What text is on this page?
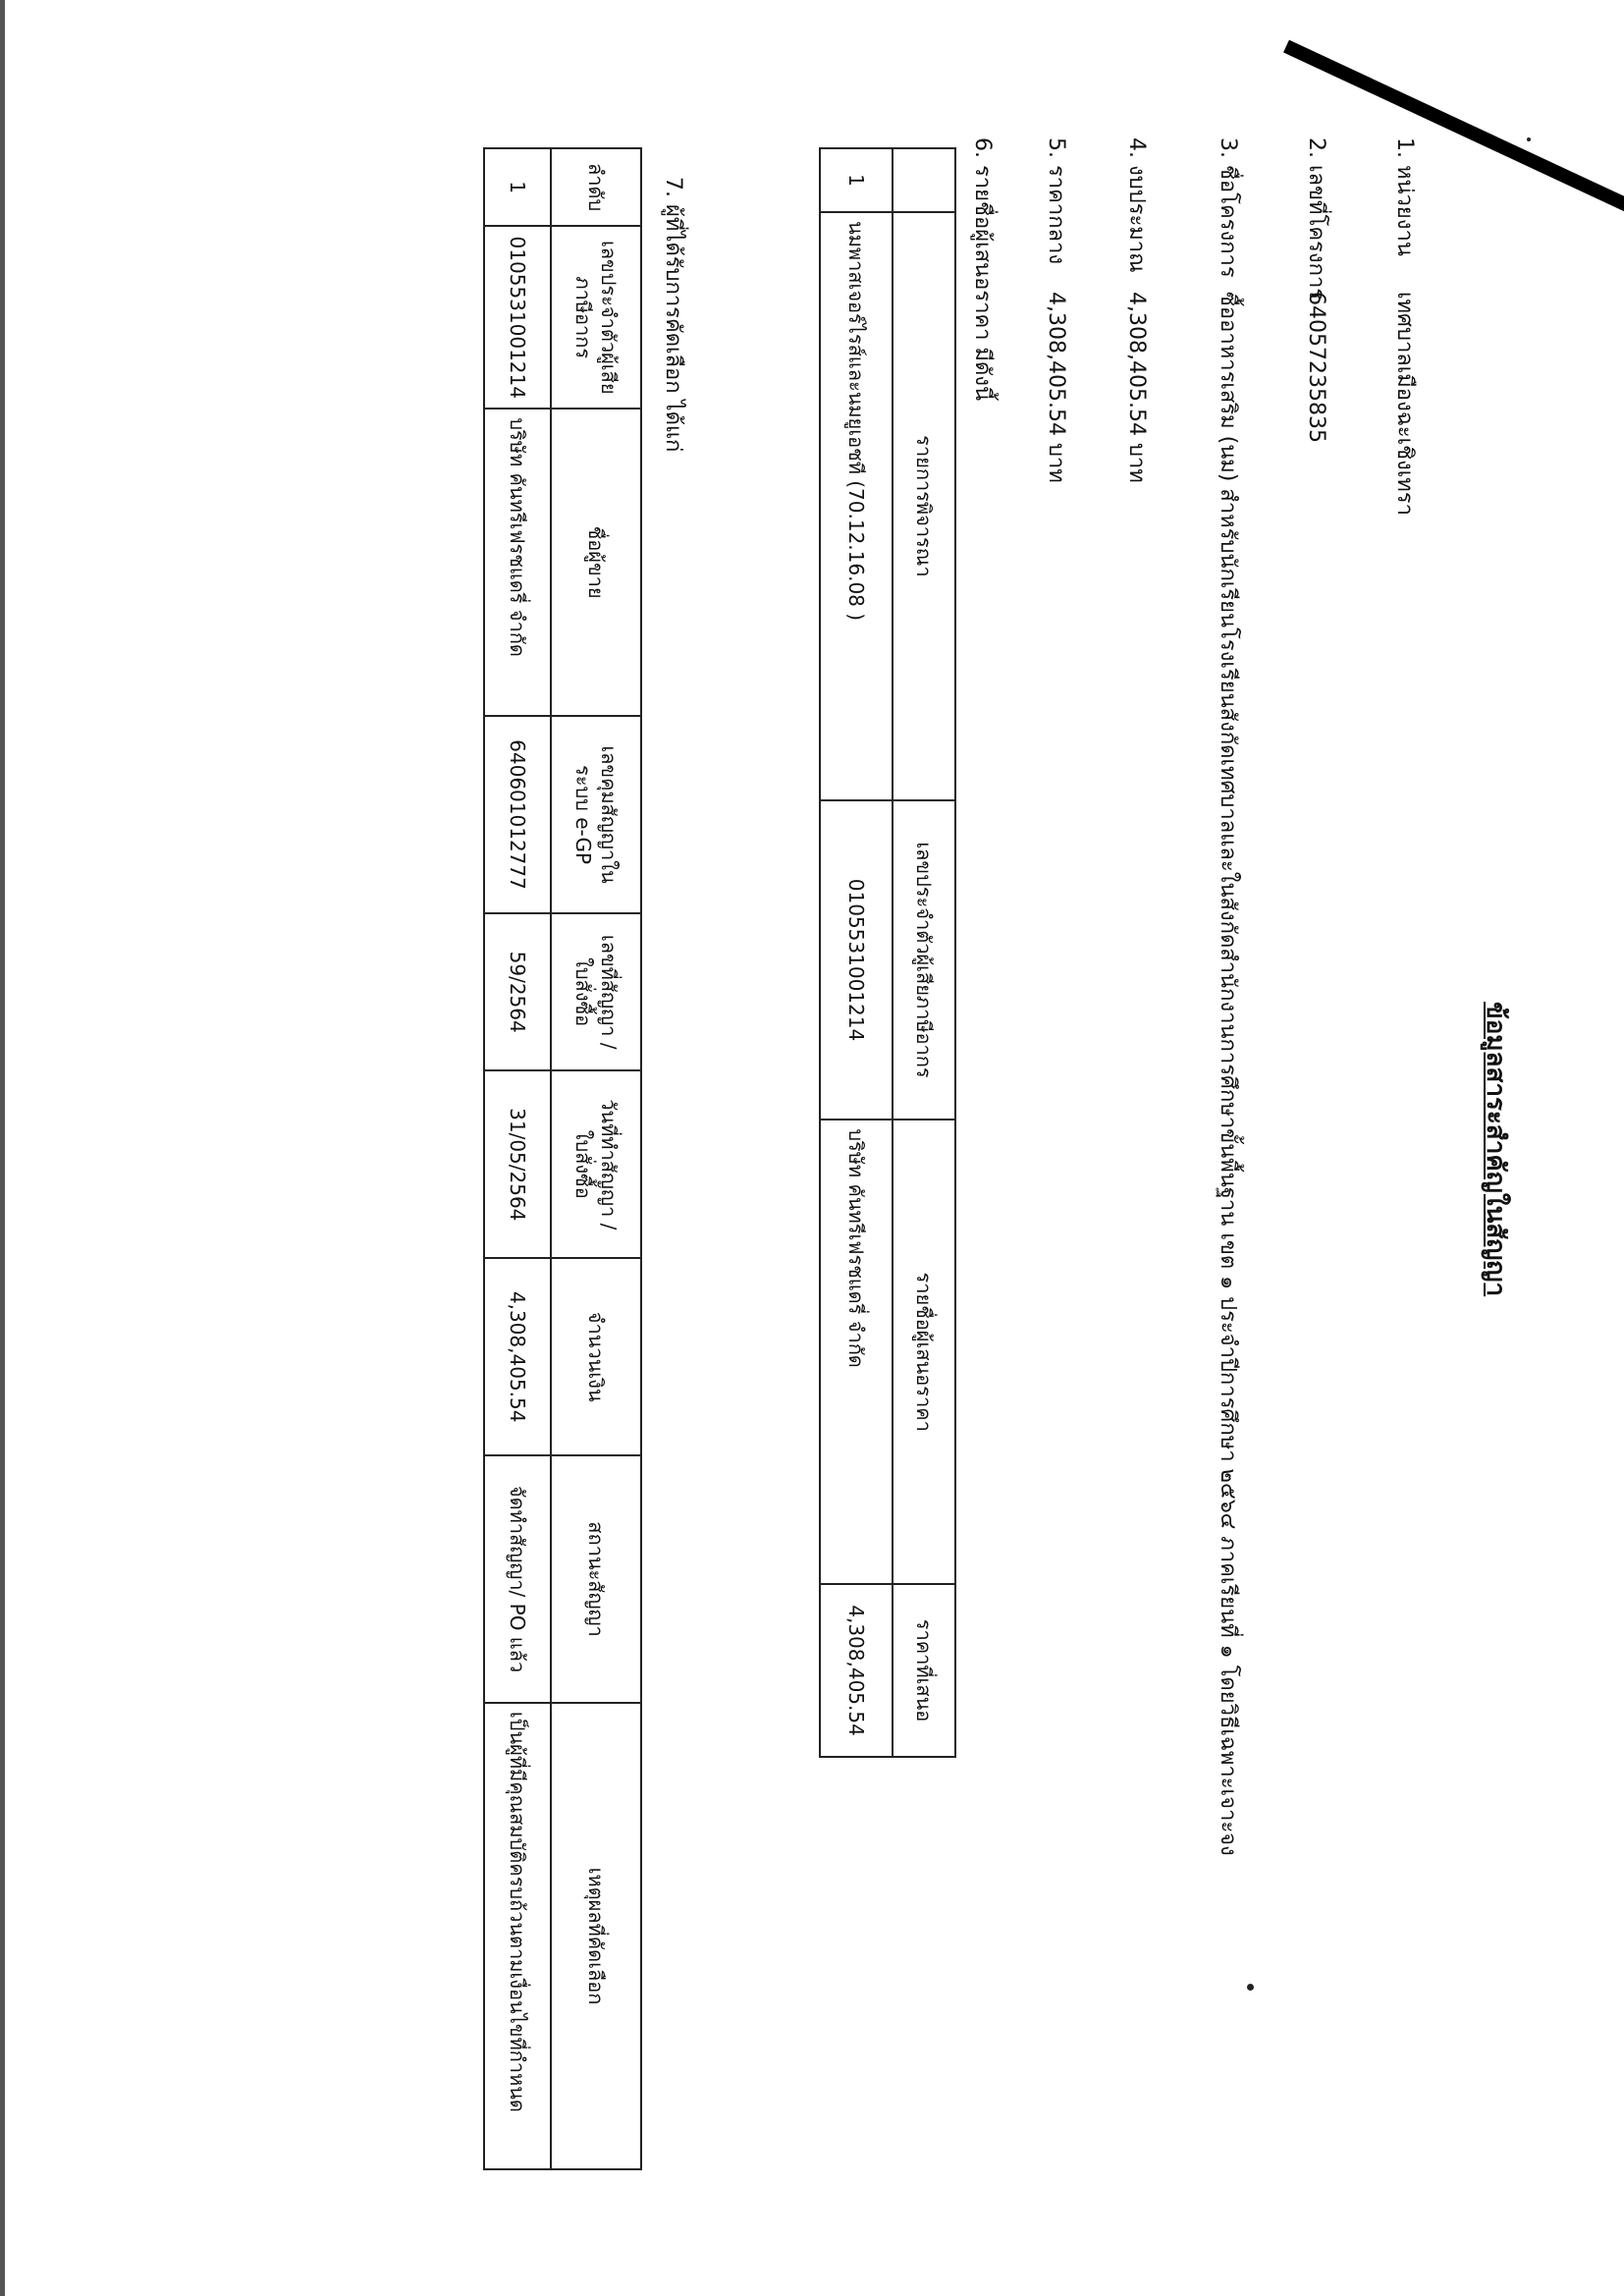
ข้อมูลสาระสำคัญในสัญญา
1. หน่วยงาน เทศบาลเมืองฉะเชิงเทรา
2. เลขที่โครงการ 64057235835
3. ชื่อโครงการ ซื้ออาหารเสริม (นม) สำหรับนักเรียนโรงเรียนสังกัดเทศบาลและในสังกัดสำนักงานการศึกษาขั้นพื้นฐาน เขต ๑ ประจำปีการศึกษา ๒๕๖๔ ภาคเรียนที่ ๑ โดยวิธีเฉพาะเจาะจง
4. งบประมาณ 4,308,405.54 บาท
5. ราคากลาง 4,308,405.54 บาท
6. รายชื่อผู้เสนอราคา มีดังนี้
	รายการพิจารณา	เลขประจำตัวผู้เสียภาษีอากร	รายชื่อผู้เสนอราคา	ราคาที่เสนอ
1	นมพาสเจอร์ไรส์และนมยูเอชที (70.12.16.08 )	0105531001214	บริษัท คันทรีเฟรชแดรี่ จำกัด	4,308,405.54
7. ผู้ที่ได้รับการคัดเลือก ได้แก่
ลำดับ	เลขประจำตัวผู้เสียภาษีอากร	ชื่อผู้ขาย	เลขคุมสัญญาในระบบ e-GP	เลขที่สัญญา / ใบสั่งซื้อ	วันที่ทำสัญญา / ใบสั่งซื้อ	จำนวนเงิน	สถานะสัญญา	เหตุผลที่คัดเลือก
1	0105531001214	บริษัท คันทรีเฟรชแดรี่ จำกัด	640601012777	59/2564	31/05/2564	4,308,405.54	จัดทำสัญญา/ PO แล้ว	เป็นผู้ที่มีคุณสมบัติครบถ้วนตามเงื่อนไขที่กำหนด
